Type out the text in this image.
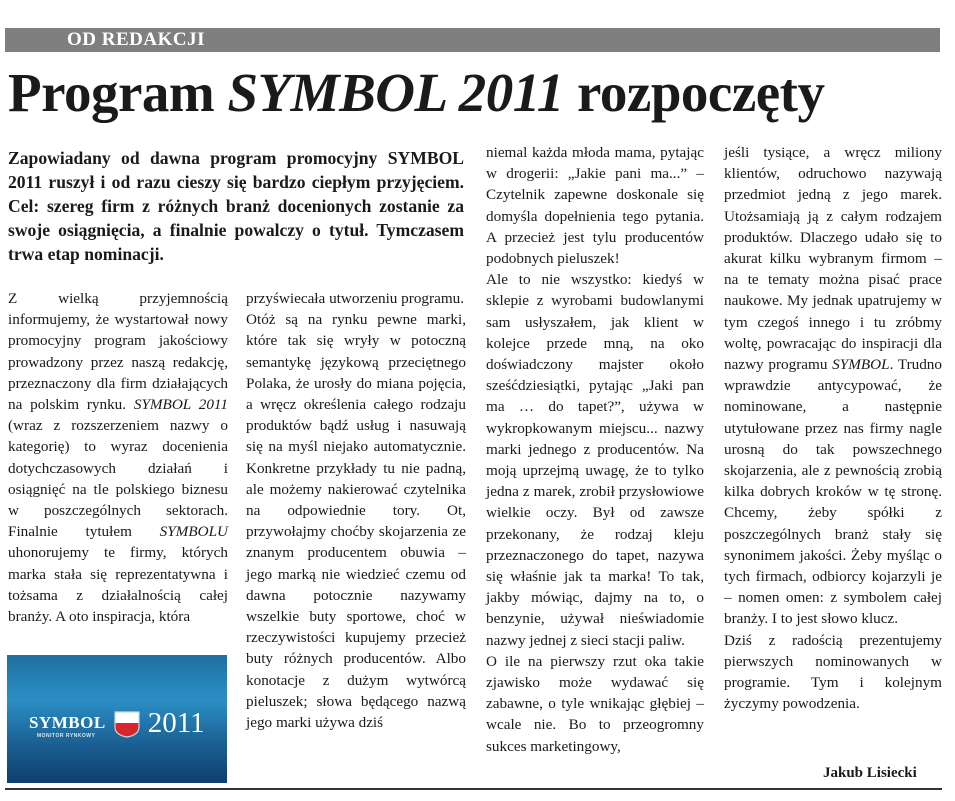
OD REDAKCJI
Program SYMBOL 2011 rozpoczęty
Zapowiadany od dawna program promocyjny SYMBOL 2011 ruszył i od razu cieszy się bardzo ciepłym przyjęciem. Cel: szereg firm z różnych branż docenionych zostanie za swoje osiągnięcia, a finalnie powalczy o tytuł. Tymczasem trwa etap nominacji.

Z wielką przyjemnością informujemy, że wystartował nowy promocyjny program jakościowy prowadzony przez naszą redakcję, przeznaczony dla firm działających na polskim rynku. SYMBOL 2011 (wraz z rozszerzeniem nazwy o kategorię) to wyraz docenienia dotychczasowych działań i osiągnięć na tle polskiego biznesu w poszczególnych sektorach. Finalnie tytułem SYMBOLU uhonorujemy te firmy, których marka stała się reprezentatywna i tożsama z działalnością całej branży. A oto inspiracja, która

SYMBOL
MONITOR RYNKOWY 2011

przyświecała utworzeniu programu.

Otóż są na rynku pewne marki, które tak się wryły w potoczną semantykę językową przeciętnego Polaka, że urosły do miana pojęcia, a wręcz określenia całego rodzaju produktów bądź usług i nasuwają się na myśl niejako automatycznie. Konkretne przykłady tu nie padną, ale możemy nakierować czytelnika na odpowiednie tory. Ot, przywołajmy choćby skojarzenia ze znanym producentem obuwia – jego marką nie wiedzieć czemu od dawna potocznie nazywamy wszelkie buty sportowe, choć w rzeczywistości kupujemy przecież buty różnych producentów. Albo konotacje z dużym wytwórcą pieluszek; słowa będącego nazwą jego marki używa dziś

niemal każda młoda mama, pytając w drogerii: „Jakie pani ma...” – Czytelnik zapewne doskonale się domyśla dopełnienia tego pytania. A przecież jest tylu producentów podobnych pieluszek!

Ale to nie wszystko: kiedyś w sklepie z wyrobami budowlanymi sam usłyszałem, jak klient w kolejce przede mną, na oko doświadczony majster około sześćdziesiątki, pytając „Jaki pan ma … do tapet?”, używa w wykropkowanym miejscu... nazwy marki jednego z producentów. Na moją uprzejmą uwagę, że to tylko jedna z marek, zrobił przysłowiowe wielkie oczy. Był od zawsze przekonany, że rodzaj kleju przeznaczonego do tapet, nazywa się właśnie jak ta marka! To tak, jakby mówiąc, dajmy na to, o benzynie, używał nieświadomie nazwy jednej z sieci stacji paliw.

O ile na pierwszy rzut oka takie zjawisko może wydawać się zabawne, o tyle wnikając głębiej – wcale nie. Bo to przeogromny sukces marketingowy,

jeśli tysiące, a wręcz miliony klientów, odruchowo nazywają przedmiot jedną z jego marek. Utożsamiają ją z całym rodzajem produktów. Dlaczego udało się to akurat kilku wybranym firmom – na te tematy można pisać prace naukowe. My jednak upatrujemy w tym czegoś innego i tu zróbmy woltę, powracając do inspiracji dla nazwy programu SYMBOL. Trudno wprawdzie antycypować, że nominowane, a następnie utytułowane przez nas firmy nagle urosną do tak powszechnego skojarzenia, ale z pewnością zrobią kilka dobrych kroków w tę stronę. Chcemy, żeby spółki z poszczególnych branż stały się synonimem jakości. Żeby myśląc o tych firmach, odbiorcy kojarzyli je – nomen omen: z symbolem całej branży. I to jest słowo klucz.

Dziś z radością prezentujemy pierwszych nominowanych w programie. Tym i kolejnym życzymy powodzenia.

Jakub Lisiecki
